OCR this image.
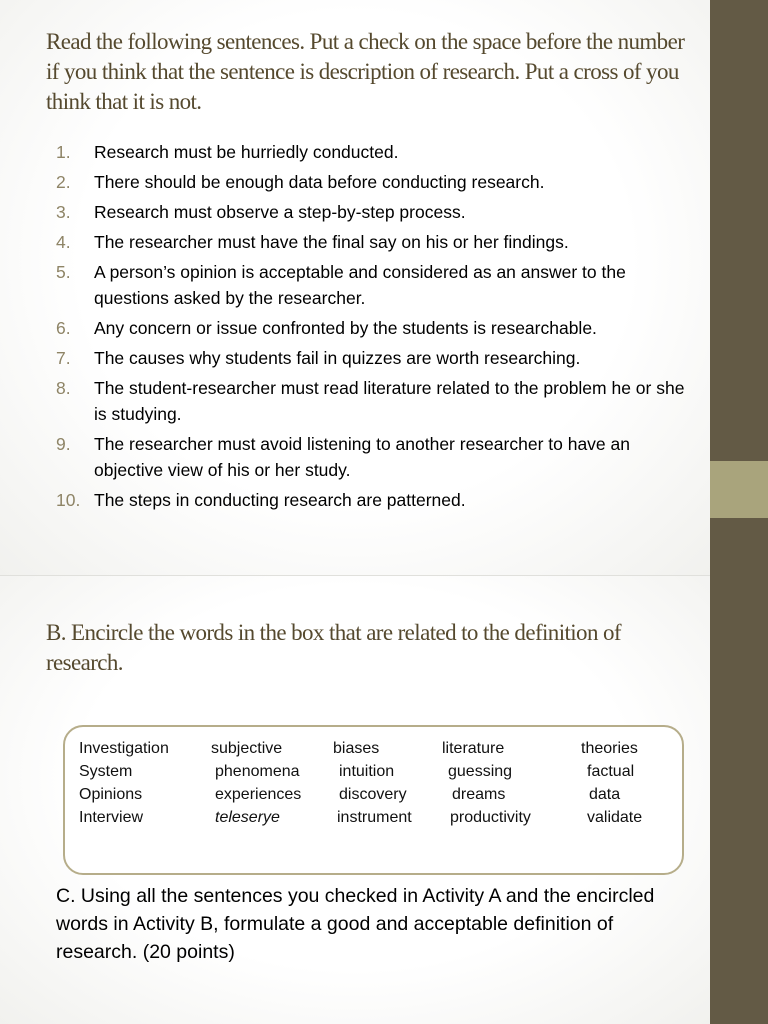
Read the following sentences. Put a check on the space before the number if you think that the sentence is description of research. Put a cross of you think that it is not.
1. Research must be hurriedly conducted.
2. There should be enough data before conducting research.
3. Research must observe a step-by-step process.
4. The researcher must have the final say on his or her findings.
5. A person’s opinion is acceptable and considered as an answer to the questions asked by the researcher.
6. Any concern or issue confronted by the students is researchable.
7. The causes why students fail in quizzes are worth researching.
8. The student-researcher must read literature related to the problem he or she is studying.
9. The researcher must avoid listening to another researcher to have an objective view of his or her study.
10. The steps in conducting research are patterned.
B. Encircle the words in the box that are related to the definition of research.
Investigation
System
Opinions
Interview
subjective
phenomena
experiences
teleserye
biases
intuition
discovery
instrument
literature
guessing
dreams
productivity
theories
factual
data
validate

C. Using all the sentences you checked in Activity A and the encircled words in Activity B, formulate a good and acceptable definition of research. (20 points)
